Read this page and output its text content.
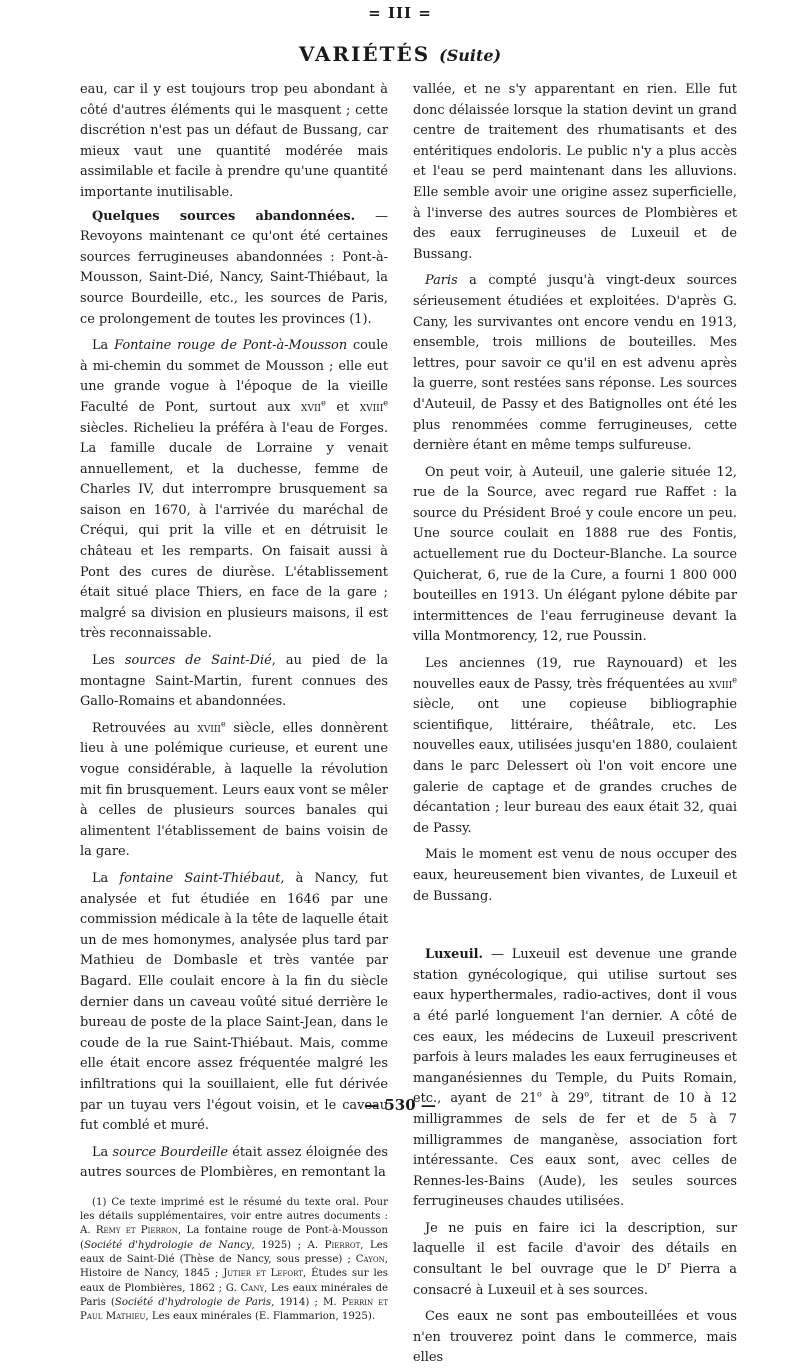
= III =
VARIÉTÉS (Suite)

eau, car il y est toujours trop peu abondant à côté d'autres éléments qui le masquent ; cette discrétion n'est pas un défaut de Bussang, car mieux vaut une quantité modérée mais assimilable et facile à prendre qu'une quantité importante inutilisable.

Quelques sources abandonnées. — Revoyons maintenant ce qu'ont été certaines sources ferrugineuses abandonnées : Pont-à-Mousson, Saint-Dié, Nancy, Saint-Thiébaut, la source Bourdeille, etc., les sources de Paris, ce prolongement de toutes les provinces (1).

La Fontaine rouge de Pont-à-Mousson coule à mi-chemin du sommet de Mousson ; elle eut une grande vogue à l'époque de la vieille Faculté de Pont, surtout aux xvii$^e$ et xviii$^e$ siècles. Richelieu la préféra à l'eau de Forges. La famille ducale de Lorraine y venait annuellement, et la duchesse, femme de Charles IV, dut interrompre brusquement sa saison en 1670, à l'arrivée du maréchal de Créqui, qui prit la ville et en détruisit le château et les remparts. On faisait aussi à Pont des cures de diurèse. L'établissement était situé place Thiers, en face de la gare ; malgré sa division en plusieurs maisons, il est très reconnaissable.

Les sources de Saint-Dié, au pied de la montagne Saint-Martin, furent connues des Gallo-Romains et abandonnées.

Retrouvées au xviii$^e$ siècle, elles donnèrent lieu à une polémique curieuse, et eurent une vogue considérable, à laquelle la révolution mit fin brusquement. Leurs eaux vont se mêler à celles de plusieurs sources banales qui alimentent l'établissement de bains voisin de la gare.

La fontaine Saint-Thiébaut, à Nancy, fut analysée et fut étudiée en 1646 par une commission médicale à la tête de laquelle était un de mes homonymes, analysée plus tard par Mathieu de Dombasle et très vantée par Bagard. Elle coulait encore à la fin du siècle dernier dans un caveau voûté situé derrière le bureau de poste de la place Saint-Jean, dans le coude de la rue Saint-Thiébaut. Mais, comme elle était encore assez fréquentée malgré les infiltrations qui la souillaient, elle fut dérivée par un tuyau vers l'égout voisin, et le caveau fut comblé et muré.

La source Bourdeille était assez éloignée des autres sources de Plombières, en remontant la

(1) Ce texte imprimé est le résumé du texte oral. Pour les détails supplémentaires, voir entre autres documents : A. Remy et Pierron, La fontaine rouge de Pont-à-Mousson (Société d'hydrologie de Nancy, 1925) ; A. Pierrot, Les eaux de Saint-Dié (Thèse de Nancy, sous presse) ; Cayon, Histoire de Nancy, 1845 ; Jutier et Lefort, Études sur les eaux de Plombières, 1862 ; G. Cany, Les eaux minérales de Paris (Société d'hydrologie de Paris, 1914) ; M. Perrin et Paul Mathieu, Les eaux minérales (E. Flammarion, 1925).

vallée, et ne s'y apparentant en rien. Elle fut donc délaissée lorsque la station devint un grand centre de traitement des rhumatisants et des entéritiques endoloris. Le public n'y a plus accès et l'eau se perd maintenant dans les alluvions. Elle semble avoir une origine assez superficielle, à l'inverse des autres sources de Plombières et des eaux ferrugineuses de Luxeuil et de Bussang.

Paris a compté jusqu'à vingt-deux sources sérieusement étudiées et exploitées. D'après G. Cany, les survivantes ont encore vendu en 1913, ensemble, trois millions de bouteilles. Mes lettres, pour savoir ce qu'il en est advenu après la guerre, sont restées sans réponse. Les sources d'Auteuil, de Passy et des Batignolles ont été les plus renommées comme ferrugineuses, cette dernière étant en même temps sulfureuse.

On peut voir, à Auteuil, une galerie située 12, rue de la Source, avec regard rue Raffet : la source du Président Broé y coule encore un peu. Une source coulait en 1888 rue des Fontis, actuellement rue du Docteur-Blanche. La source Quicherat, 6, rue de la Cure, a fourni 1 800 000 bouteilles en 1913. Un élégant pylone débite par intermittences de l'eau ferrugineuse devant la villa Montmorency, 12, rue Poussin.

Les anciennes (19, rue Raynouard) et les nouvelles eaux de Passy, très fréquentées au xviii$^e$ siècle, ont une copieuse bibliographie scientifique, littéraire, théâtrale, etc. Les nouvelles eaux, utilisées jusqu'en 1880, coulaient dans le parc Delessert où l'on voit encore une galerie de captage et de grandes cruches de décantation ; leur bureau des eaux était 32, quai de Passy.

Mais le moment est venu de nous occuper des eaux, heureusement bien vivantes, de Luxeuil et de Bussang.

Luxeuil. — Luxeuil est devenue une grande station gynécologique, qui utilise surtout ses eaux hyperthermales, radio-actives, dont il vous a été parlé longuement l'an dernier. A côté de ces eaux, les médecins de Luxeuil prescrivent parfois à leurs malades les eaux ferrugineuses et manganésiennes du Temple, du Puits Romain, etc., ayant de 21$^o$ à 29$^o$, titrant de 10 à 12 milligrammes de sels de fer et de 5 à 7 milligrammes de manganèse, association fort intéressante. Ces eaux sont, avec celles de Rennes-les-Bains (Aude), les seules sources ferrugineuses chaudes utilisées.

Je ne puis en faire ici la description, sur laquelle il est facile d'avoir des détails en consultant le bel ouvrage que le $D^r$ Pierra a consacré à Luxeuil et à ses sources.

Ces eaux ne sont pas embouteillées et vous n'en trouverez point dans le commerce, mais elles

— 530 —
